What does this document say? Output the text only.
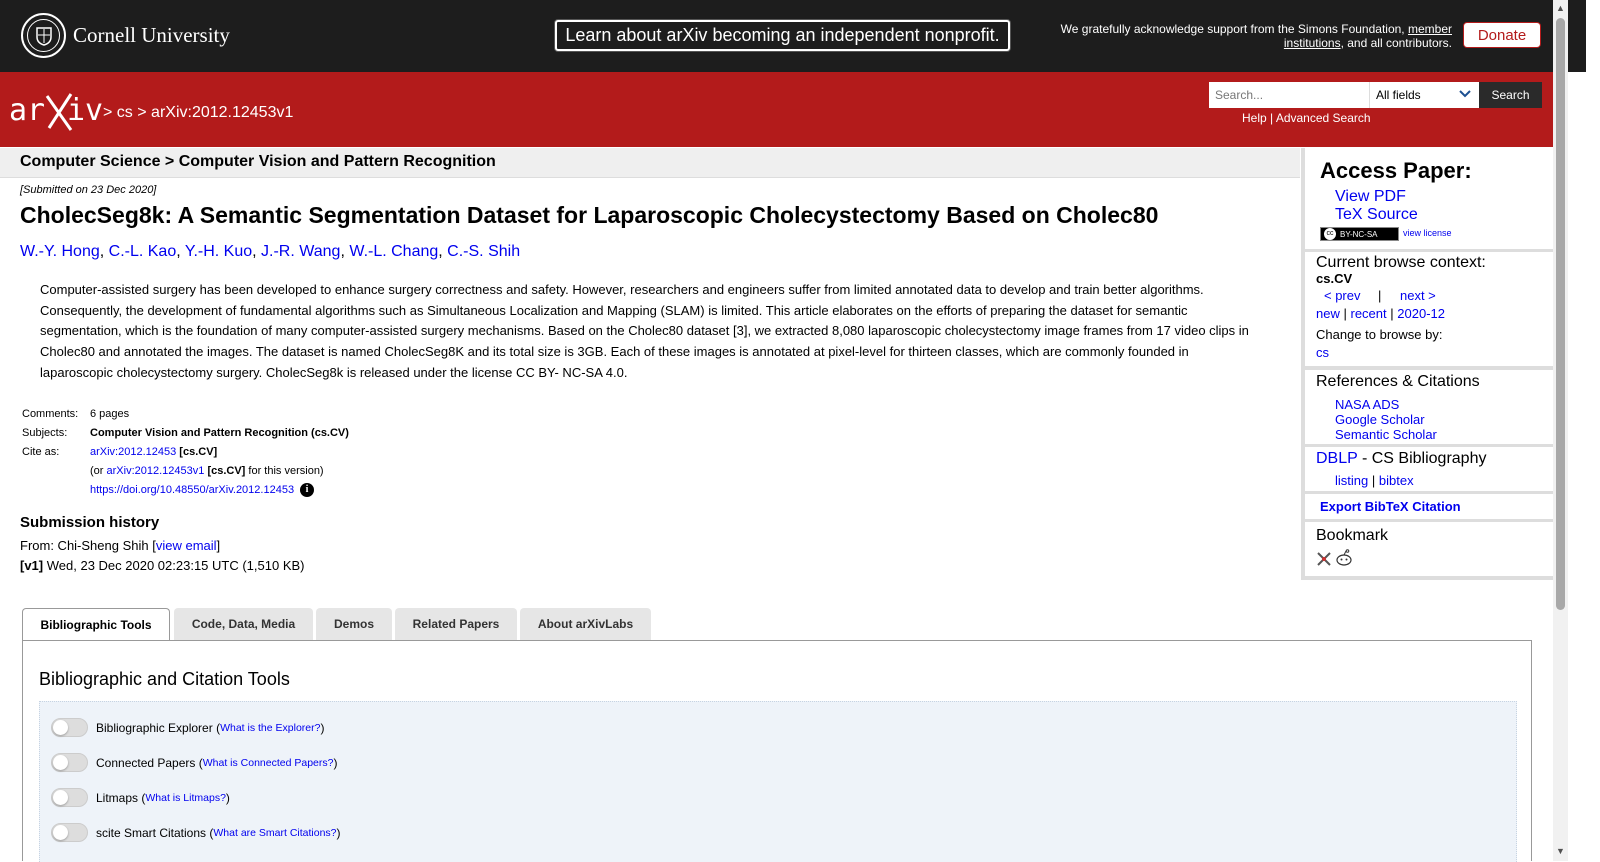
Cornell University	Learn about arXiv becoming an independent nonprofit.	We gratefully acknowledge support from the Simons Foundation, member institutions, and all contributors.	Donate
ar iv > cs > arXiv:2012.12453v1
Search...	All fields	Search
Help | Advanced Search
Computer Science > Computer Vision and Pattern Recognition
[Submitted on 23 Dec 2020]
CholecSeg8k: A Semantic Segmentation Dataset for Laparoscopic Cholecystectomy Based on Cholec80
W.-Y. Hong, C.-L. Kao, Y.-H. Kuo, J.-R. Wang, W.-L. Chang, C.-S. Shih
Computer-assisted surgery has been developed to enhance surgery correctness and safety. However, researchers and engineers suffer from limited annotated data to develop and train better algorithms. Consequently, the development of fundamental algorithms such as Simultaneous Localization and Mapping (SLAM) is limited. This article elaborates on the efforts of preparing the dataset for semantic segmentation, which is the foundation of many computer-assisted surgery mechanisms. Based on the Cholec80 dataset [3], we extracted 8,080 laparoscopic cholecystectomy image frames from 17 video clips in Cholec80 and annotated the images. The dataset is named CholecSeg8K and its total size is 3GB. Each of these images is annotated at pixel-level for thirteen classes, which are commonly founded in laparoscopic cholecystectomy surgery. CholecSeg8k is released under the license CC BY- NC-SA 4.0.
Comments:	6 pages
Subjects:	Computer Vision and Pattern Recognition (cs.CV)
Cite as:	arXiv:2012.12453 [cs.CV]
	(or arXiv:2012.12453v1 [cs.CV] for this version)
	https://doi.org/10.48550/arXiv.2012.12453 i
Submission history
From: Chi-Sheng Shih [view email]
[v1] Wed, 23 Dec 2020 02:23:15 UTC (1,510 KB)
Access Paper:
View PDF
TeX Source
cc BY-NC-SA	view license
Current browse context:
cs.CV
< prev | next >
new | recent | 2020-12
Change to browse by:
cs
References & Citations
NASA ADS
Google Scholar
Semantic Scholar
DBLP - CS Bibliography
listing | bibtex
Export BibTeX Citation
Bookmark
Bibliographic Tools	Code, Data, Media	Demos	Related Papers	About arXivLabs
Bibliographic and Citation Tools
Bibliographic Explorer ( What is the Explorer? )
Connected Papers ( What is Connected Papers? )
Litmaps ( What is Litmaps? )
scite Smart Citations ( What are Smart Citations? )
▲
▼
